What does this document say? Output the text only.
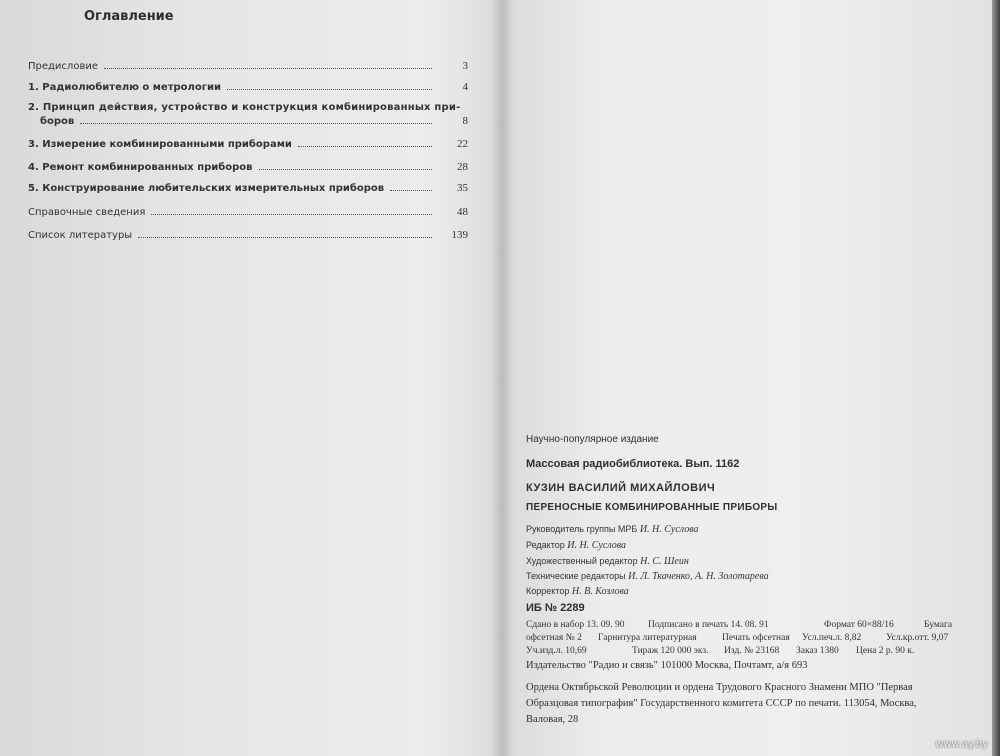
Оглавление
Предисловие	3
1. Радиолюбителю о метрологии	4
2. Принцип действия, устройство и конструкция комбинированных при-
боров	8
3. Измерение комбинированными приборами	22
4. Ремонт комбинированных приборов	28
5. Конструирование любительских измерительных приборов	35
Справочные сведения	48
Список литературы	139
Научно-популярное издание
Массовая радиобиблиотека. Вып. 1162
КУЗИН ВАСИЛИЙ МИХАЙЛОВИЧ
ПЕРЕНОСНЫЕ КОМБИНИРОВАННЫЕ ПРИБОРЫ
Руководитель группы МРБ И. Н. Суслова
Редактор И. Н. Суслова
Художественный редактор Н. С. Шеин
Технические редакторы И. Л. Ткаченко, А. Н. Золотарева
Корректор Н. В. Козлова
ИБ № 2289
Сдано в набор 13. 09. 90 Подписано в печать 14. 08. 91	Формат 60×88/16	Бумага
офсетная № 2 Гарнитура литературная	Печать офсетная Усл.печ.л. 8,82	Усл.кр.отт. 9,07
Уч.изд.л. 10,69	Тираж 120 000 экз. Изд. № 23168 Заказ 1380 Цена 2 р. 90 к.
Издательство "Радио и связь" 101000 Москва, Почтамт, а/я 693
Ордена Октябрьской Революции и ордена Трудового Красного Знамени МПО "Первая
Образцовая типография" Государственного комитета СССР по печати. 113054, Москва,
Валовая, 28
www.ay.by
